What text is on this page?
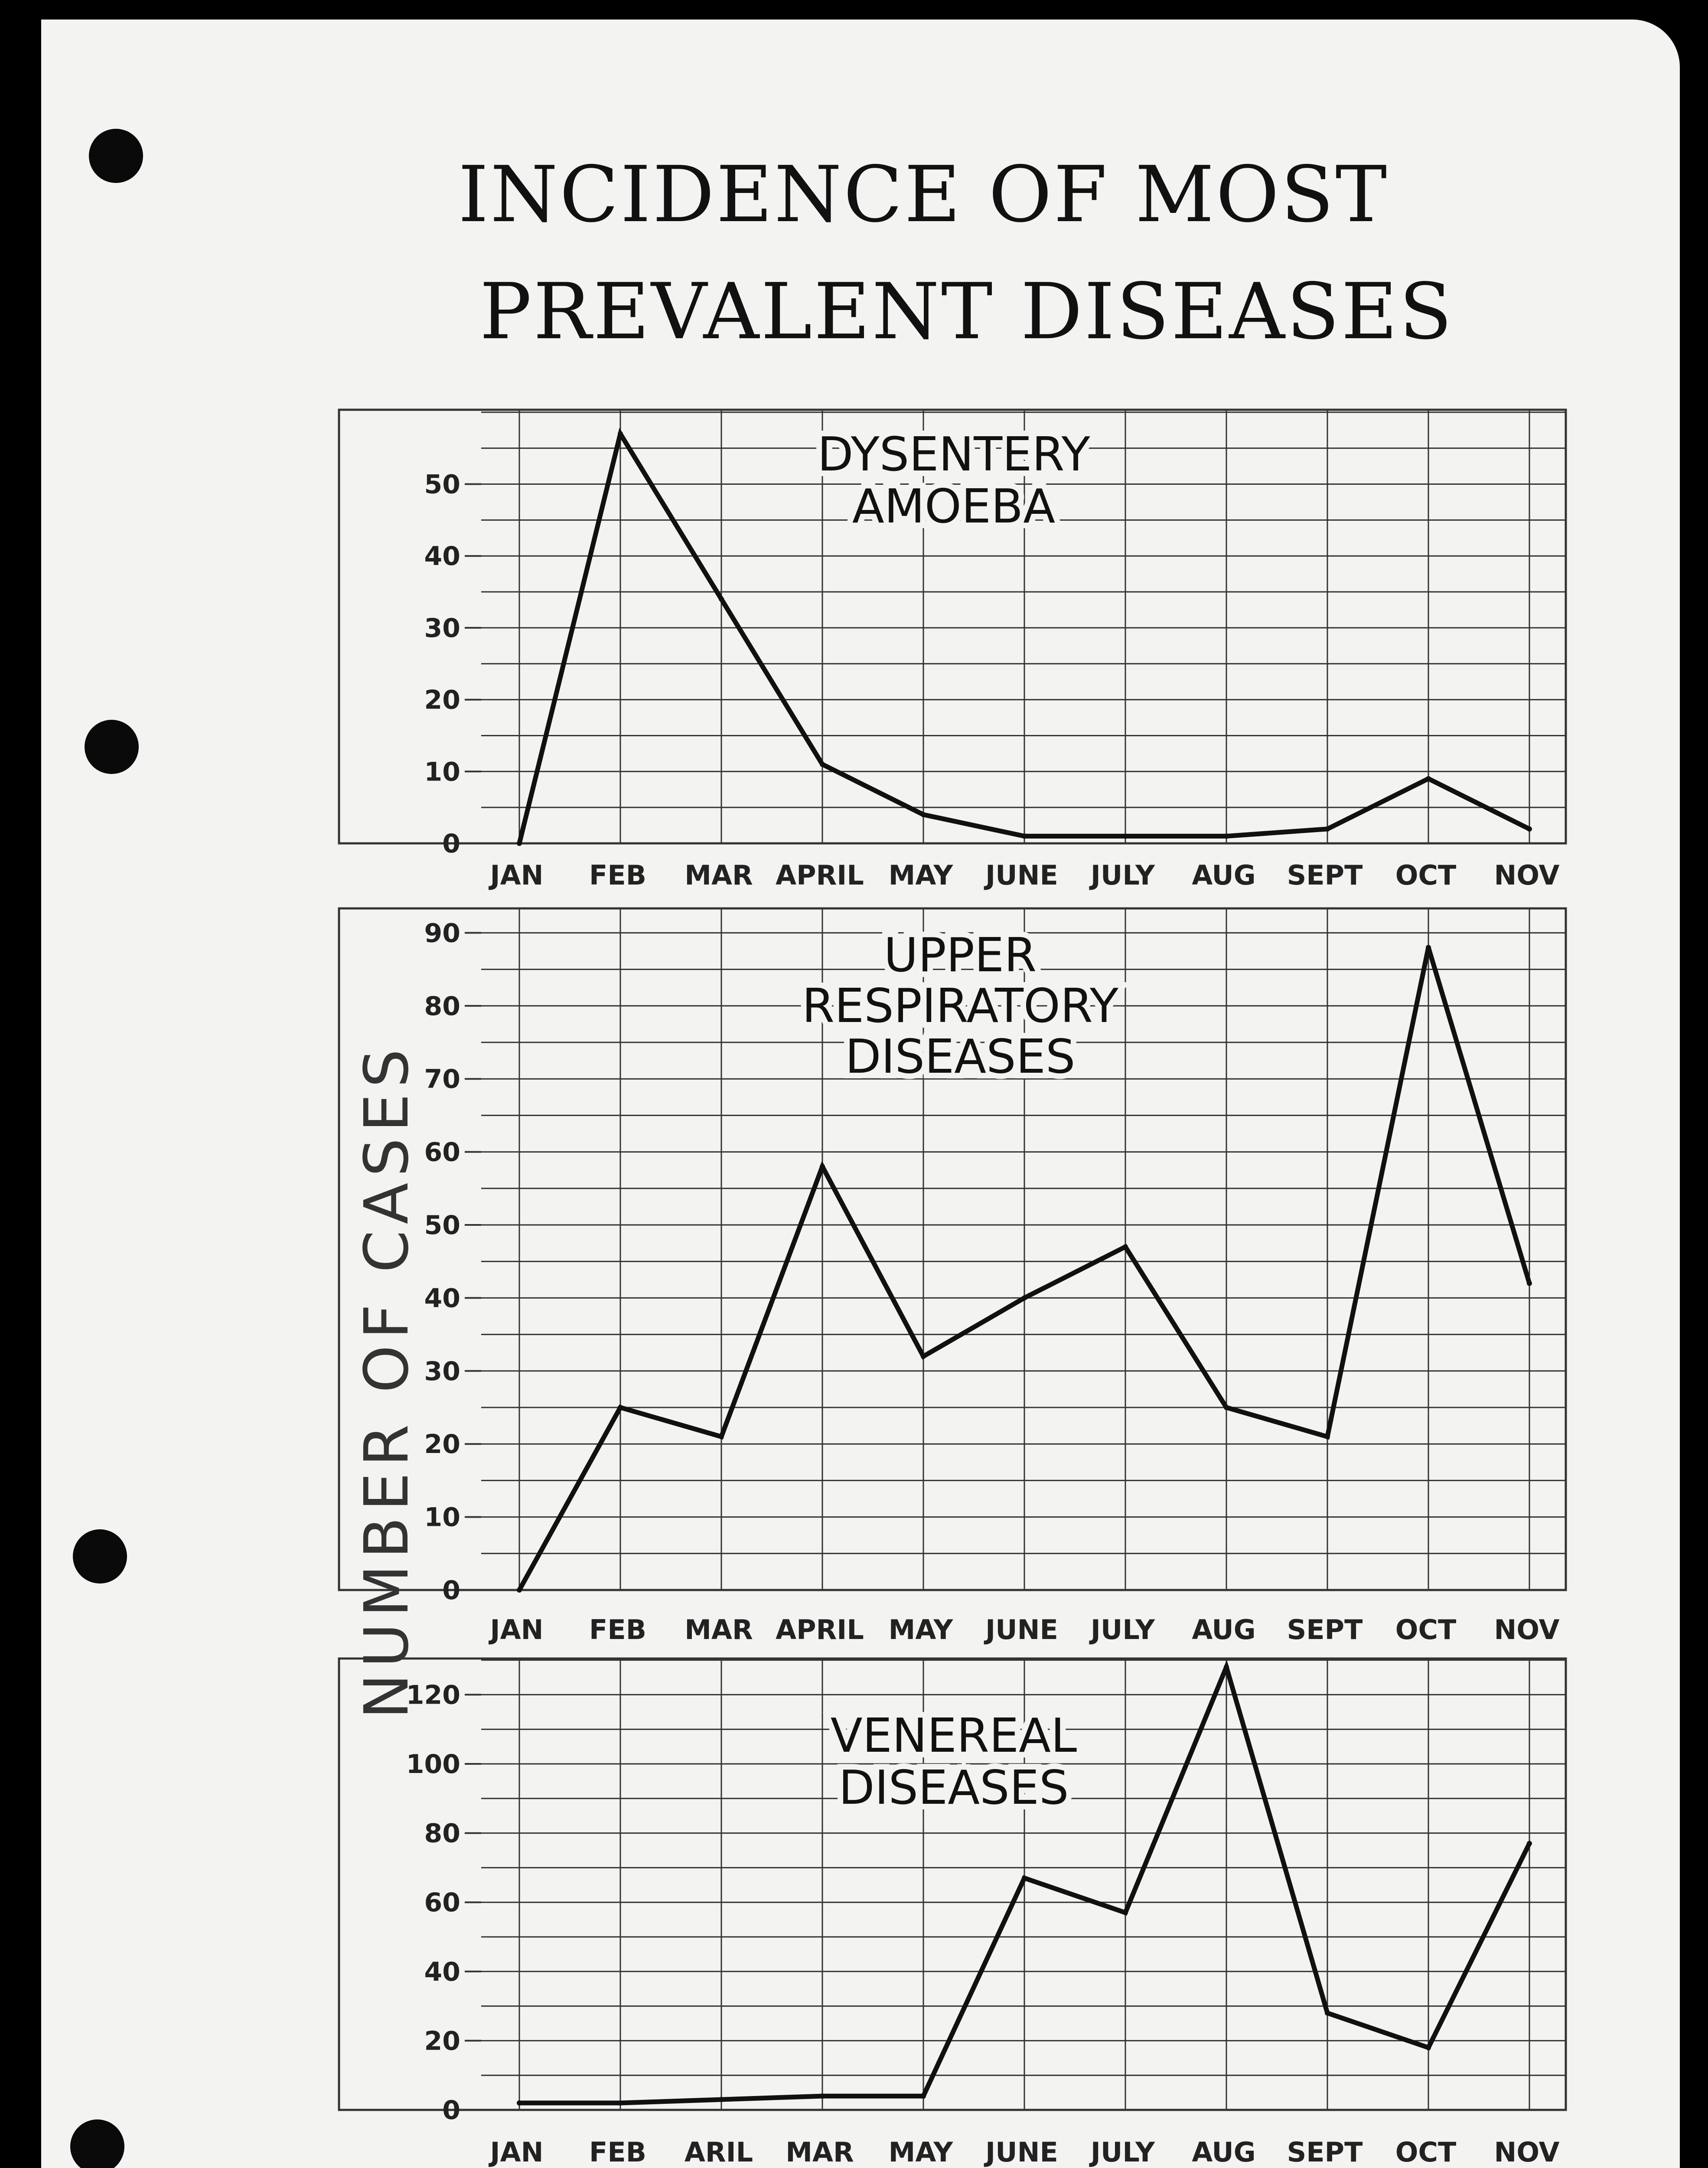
INCIDENCE OF MOST
PREVALENT DISEASES
NUMBER OF CASES
0
10
20
30
40
50
JAN FEB MAR APRIL MAY JUNE JULY AUG SEPT OCT NOV
DYSENTERY
AMOEBA
0
10
20
30
40
50
60
70
80
90
JAN FEB MAR APRIL MAY JUNE JULY AUG SEPT OCT NOV
UPPER
RESPIRATORY
DISEASES
0
20
40
60
80
100
120
JAN FEB ARIL MAR MAY JUNE JULY AUG SEPT OCT NOV
VENEREAL
DISEASES
